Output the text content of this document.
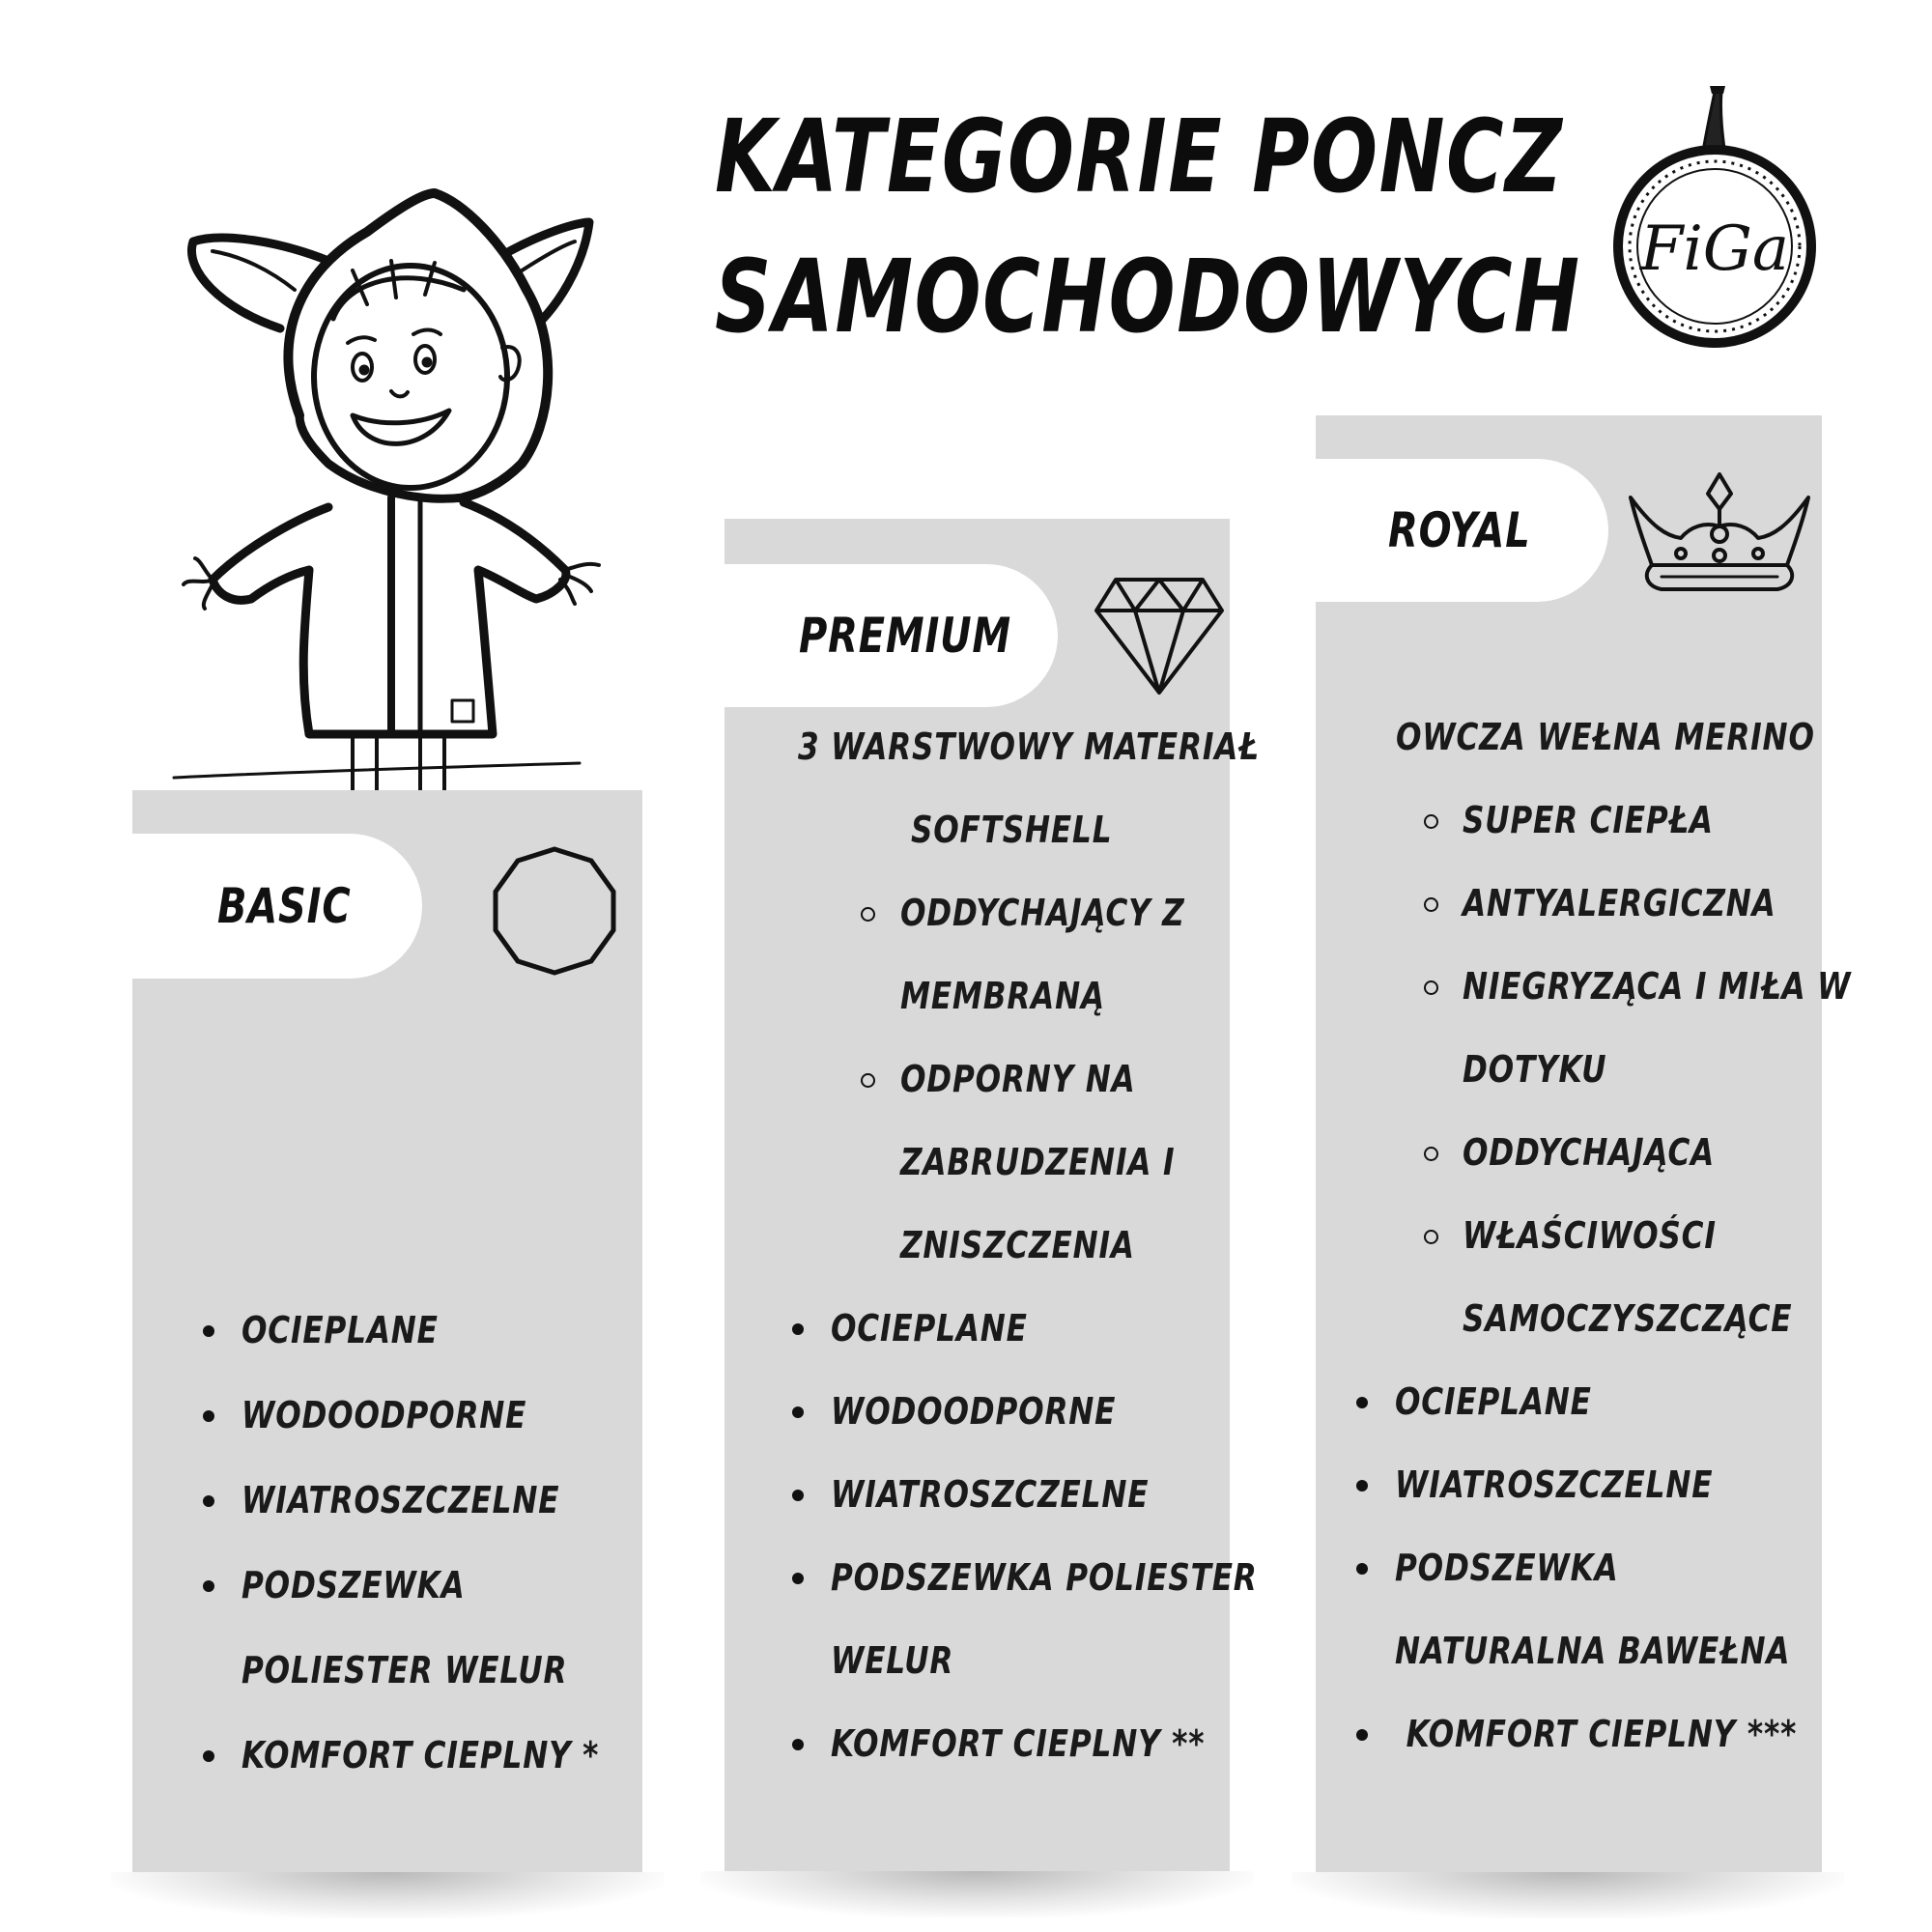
KATEGORIE PONCZ
SAMOCHODOWYCH FiGa
BASIC
OCIEPLANE
WODOODPORNE
WIATROSZCZELNE
PODSZEWKA
POLIESTER WELUR
KOMFORT CIEPLNY *
PREMIUM
3 WARSTWOWY MATERIAŁ
SOFTSHELL
ODDYCHAJĄCY Z
MEMBRANĄ
ODPORNY NA
ZABRUDZENIA I
ZNISZCZENIA
OCIEPLANE
WODOODPORNE
WIATROSZCZELNE
PODSZEWKA POLIESTER
WELUR
KOMFORT CIEPLNY **
ROYAL
OWCZA WEŁNA MERINO
SUPER CIEPŁA
ANTYALERGICZNA
NIEGRYZĄCA I MIŁA W
DOTYKU
ODDYCHAJĄCA
WŁAŚCIWOŚCI
SAMOCZYSZCZĄCE
OCIEPLANE
WIATROSZCZELNE
PODSZEWKA
NATURALNA BAWEŁNA
KOMFORT CIEPLNY ***
